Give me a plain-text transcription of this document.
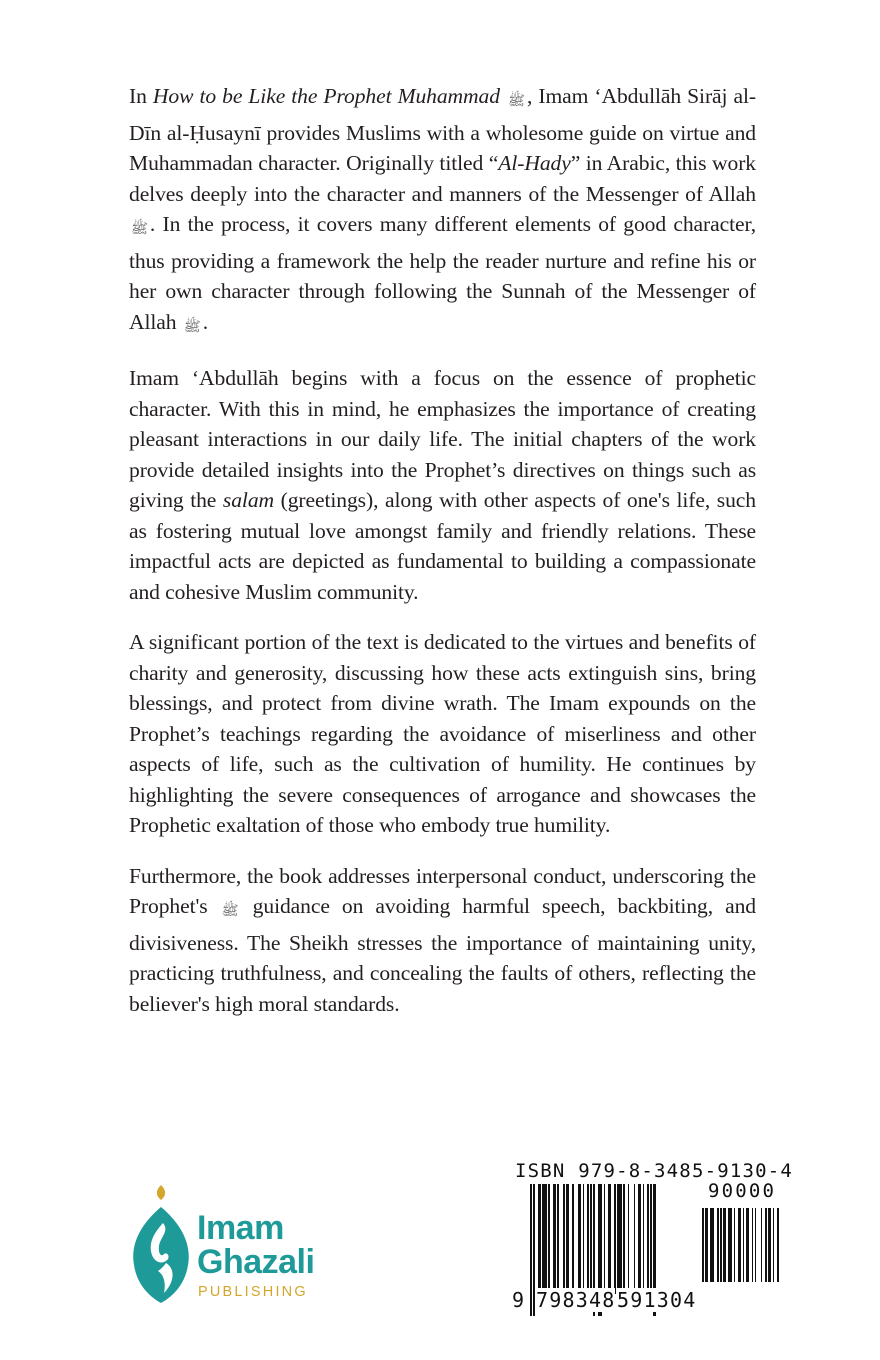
In How to be Like the Prophet Muhammad ﷺ, Imam ‘Abdullāh Sirāj al-Dīn al-Ḥusaynī provides Muslims with a wholesome guide on virtue and Muhammadan character. Originally titled “Al-Hady” in Arabic, this work delves deeply into the character and manners of the Messenger of Allah ﷺ. In the process, it covers many different elements of good character, thus providing a framework the help the reader nurture and refine his or her own character through following the Sunnah of the Messenger of Allah ﷺ.

Imam ‘Abdullāh begins with a focus on the essence of prophetic character. With this in mind, he emphasizes the importance of creating pleasant interactions in our daily life. The initial chapters of the work provide detailed insights into the Prophet’s directives on things such as giving the salam (greetings), along with other aspects of one's life, such as fostering mutual love amongst family and friendly relations. These impactful acts are depicted as fundamental to building a compassionate and cohesive Muslim community.

A significant portion of the text is dedicated to the virtues and benefits of charity and generosity, discussing how these acts extinguish sins, bring blessings, and protect from divine wrath. The Imam expounds on the Prophet’s teachings regarding the avoidance of miserliness and other aspects of life, such as the cultivation of humility. He continues by highlighting the severe consequences of arrogance and showcases the Prophetic exaltation of those who embody true humility.

Furthermore, the book addresses interpersonal conduct, underscoring the Prophet's ﷺ guidance on avoiding harmful speech, backbiting, and divisiveness. The Sheikh stresses the importance of maintaining unity, practicing truthfulness, and concealing the faults of others, reflecting the believer's high moral standards.

Imam
Ghazali
PUBLISHING
ISBN 979-8-3485-9130-4
90000
9 798348 591304
